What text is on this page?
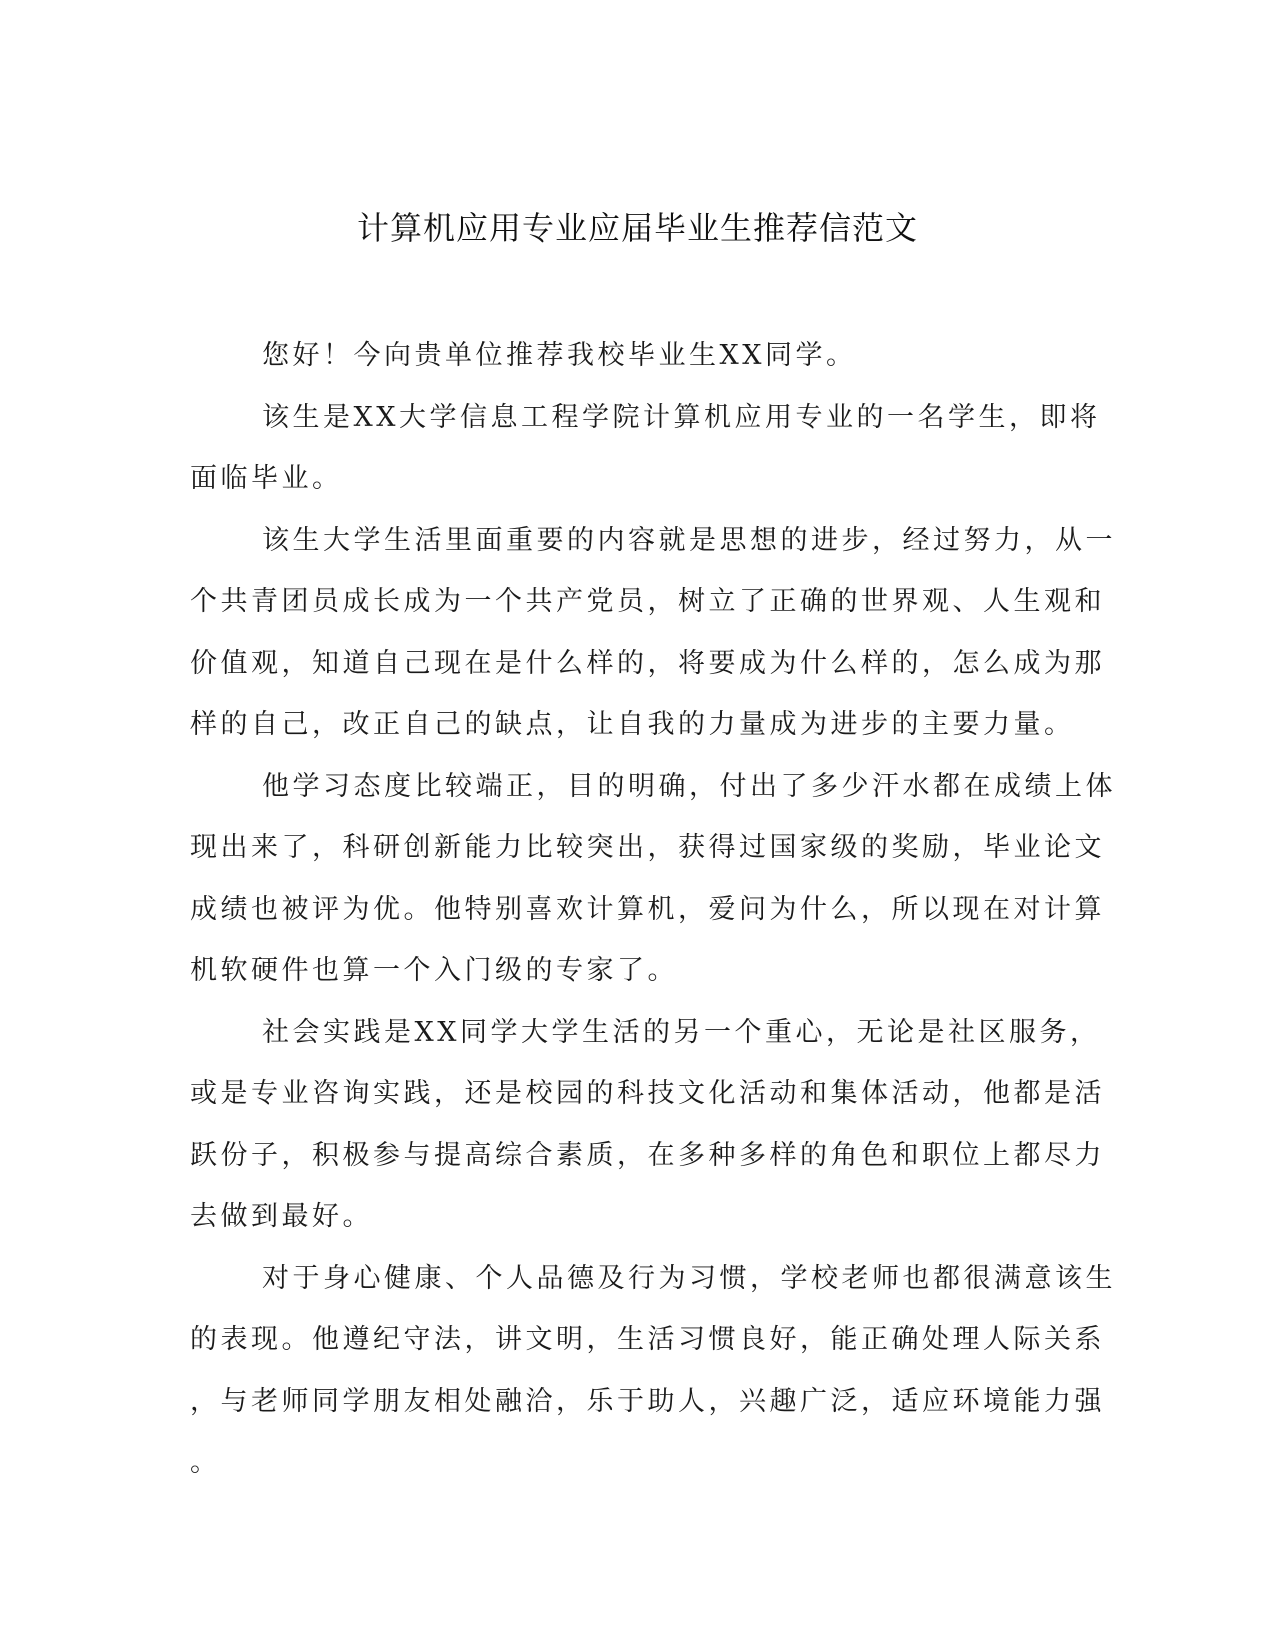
计算机应用专业应届毕业生推荐信范文

您好！今向贵单位推荐我校毕业生XX同学。

该生是XX大学信息工程学院计算机应用专业的一名学生，即将

面临毕业。

该生大学生活里面重要的内容就是思想的进步，经过努力，从一

个共青团员成长成为一个共产党员，树立了正确的世界观、人生观和

价值观，知道自己现在是什么样的，将要成为什么样的，怎么成为那

样的自己，改正自己的缺点，让自我的力量成为进步的主要力量。

他学习态度比较端正，目的明确，付出了多少汗水都在成绩上体

现出来了，科研创新能力比较突出，获得过国家级的奖励，毕业论文

成绩也被评为优。他特别喜欢计算机，爱问为什么，所以现在对计算

机软硬件也算一个入门级的专家了。

社会实践是XX同学大学生活的另一个重心，无论是社区服务，

或是专业咨询实践，还是校园的科技文化活动和集体活动，他都是活

跃份子，积极参与提高综合素质，在多种多样的角色和职位上都尽力

去做到最好。

对于身心健康、个人品德及行为习惯，学校老师也都很满意该生

的表现。他遵纪守法，讲文明，生活习惯良好，能正确处理人际关系

，与老师同学朋友相处融洽，乐于助人，兴趣广泛，适应环境能力强

。
